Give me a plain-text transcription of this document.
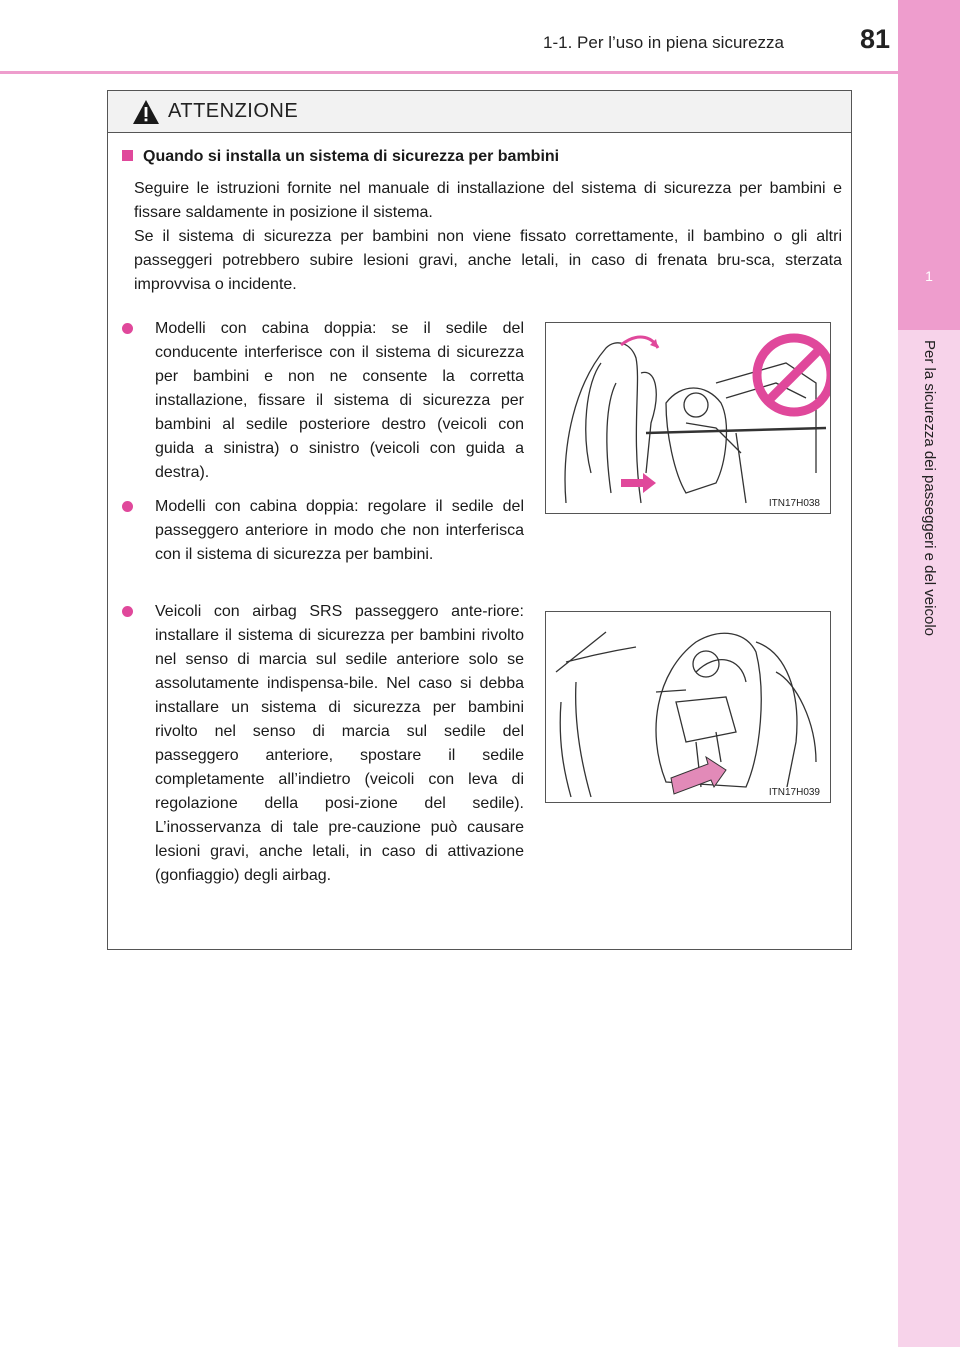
1
Per la sicurezza dei passeggeri e del veicolo
1-1. Per l’uso in piena sicurezza	81
ATTENZIONE
Quando si installa un sistema di sicurezza per bambini
Seguire le istruzioni fornite nel manuale di installazione del sistema di sicurezza per bambini e fissare saldamente in posizione il sistema.
Se il sistema di sicurezza per bambini non viene fissato correttamente, il bambino o gli altri passeggeri potrebbero subire lesioni gravi, anche letali, in caso di frenata bru-sca, sterzata improvvisa o incidente.
Modelli con cabina doppia: se il sedile del conducente interferisce con il sistema di sicurezza per bambini e non ne consente la corretta installazione, fissare il sistema di sicurezza per bambini al sedile posteriore destro (veicoli con guida a sinistra) o sinistro (veicoli con guida a destra).
Modelli con cabina doppia: regolare il sedile del passeggero anteriore in modo che non interferisca con il sistema di sicurezza per bambini.
Veicoli con airbag SRS passeggero ante-riore: installare il sistema di sicurezza per bambini rivolto nel senso di marcia sul sedile anteriore solo se assolutamente indispensa-bile. Nel caso si debba installare un sistema di sicurezza per bambini rivolto nel senso di marcia sul sedile del passeggero anteriore, spostare il sedile completamente all’indietro (veicoli con leva di regolazione della posi-zione del sedile). L’inosservanza di tale pre-cauzione può causare lesioni gravi, anche letali, in caso di attivazione (gonfiaggio) degli airbag.
ITN17H038
ITN17H039
